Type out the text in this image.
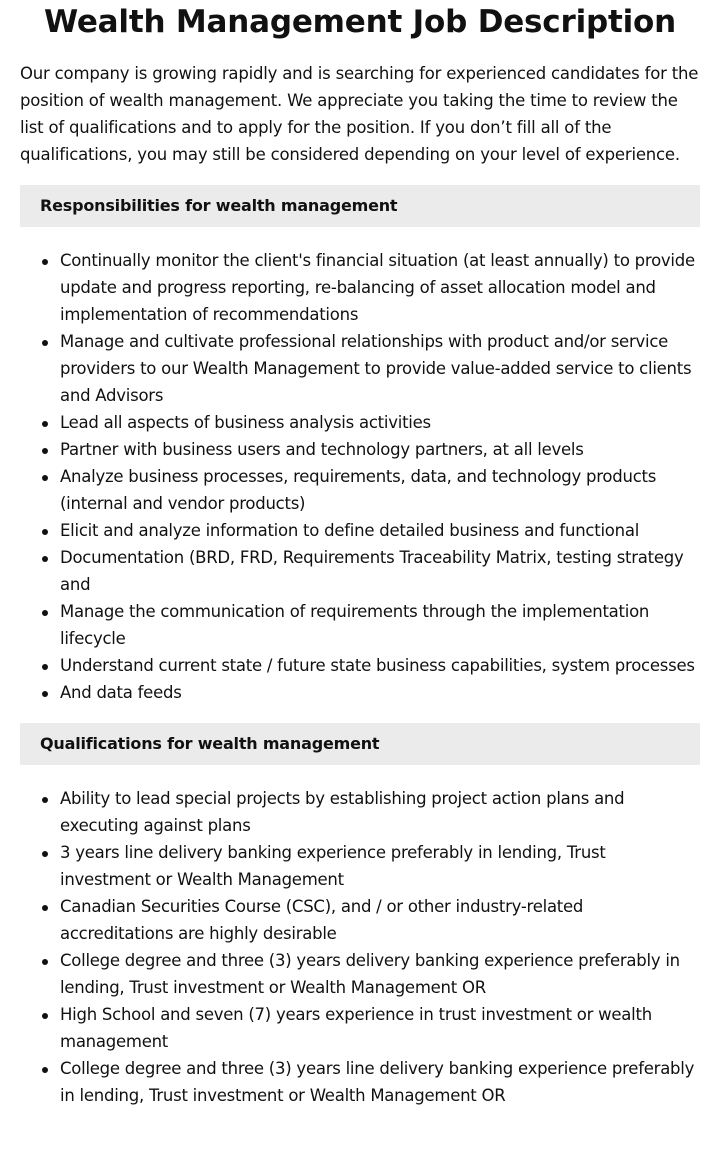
Wealth Management Job Description

Our company is growing rapidly and is searching for experienced candidates for the position of wealth management. We appreciate you taking the time to review the list of qualifications and to apply for the position. If you don’t fill all of the qualifications, you may still be considered depending on your level of experience.

Responsibilities for wealth management
Continually monitor the client's financial situation (at least annually) to provide update and progress reporting, re-balancing of asset allocation model and implementation of recommendations
Manage and cultivate professional relationships with product and/or service providers to our Wealth Management to provide value-added service to clients and Advisors
Lead all aspects of business analysis activities
Partner with business users and technology partners, at all levels
Analyze business processes, requirements, data, and technology products (internal and vendor products)
Elicit and analyze information to define detailed business and functional
Documentation (BRD, FRD, Requirements Traceability Matrix, testing strategy and
Manage the communication of requirements through the implementation lifecycle
Understand current state / future state business capabilities, system processes
And data feeds
Qualifications for wealth management
Ability to lead special projects by establishing project action plans and executing against plans
3 years line delivery banking experience preferably in lending, Trust investment or Wealth Management
Canadian Securities Course (CSC), and / or other industry-related accreditations are highly desirable
College degree and three (3) years delivery banking experience preferably in lending, Trust investment or Wealth Management OR
High School and seven (7) years experience in trust investment or wealth management
College degree and three (3) years line delivery banking experience preferably in lending, Trust investment or Wealth Management OR
